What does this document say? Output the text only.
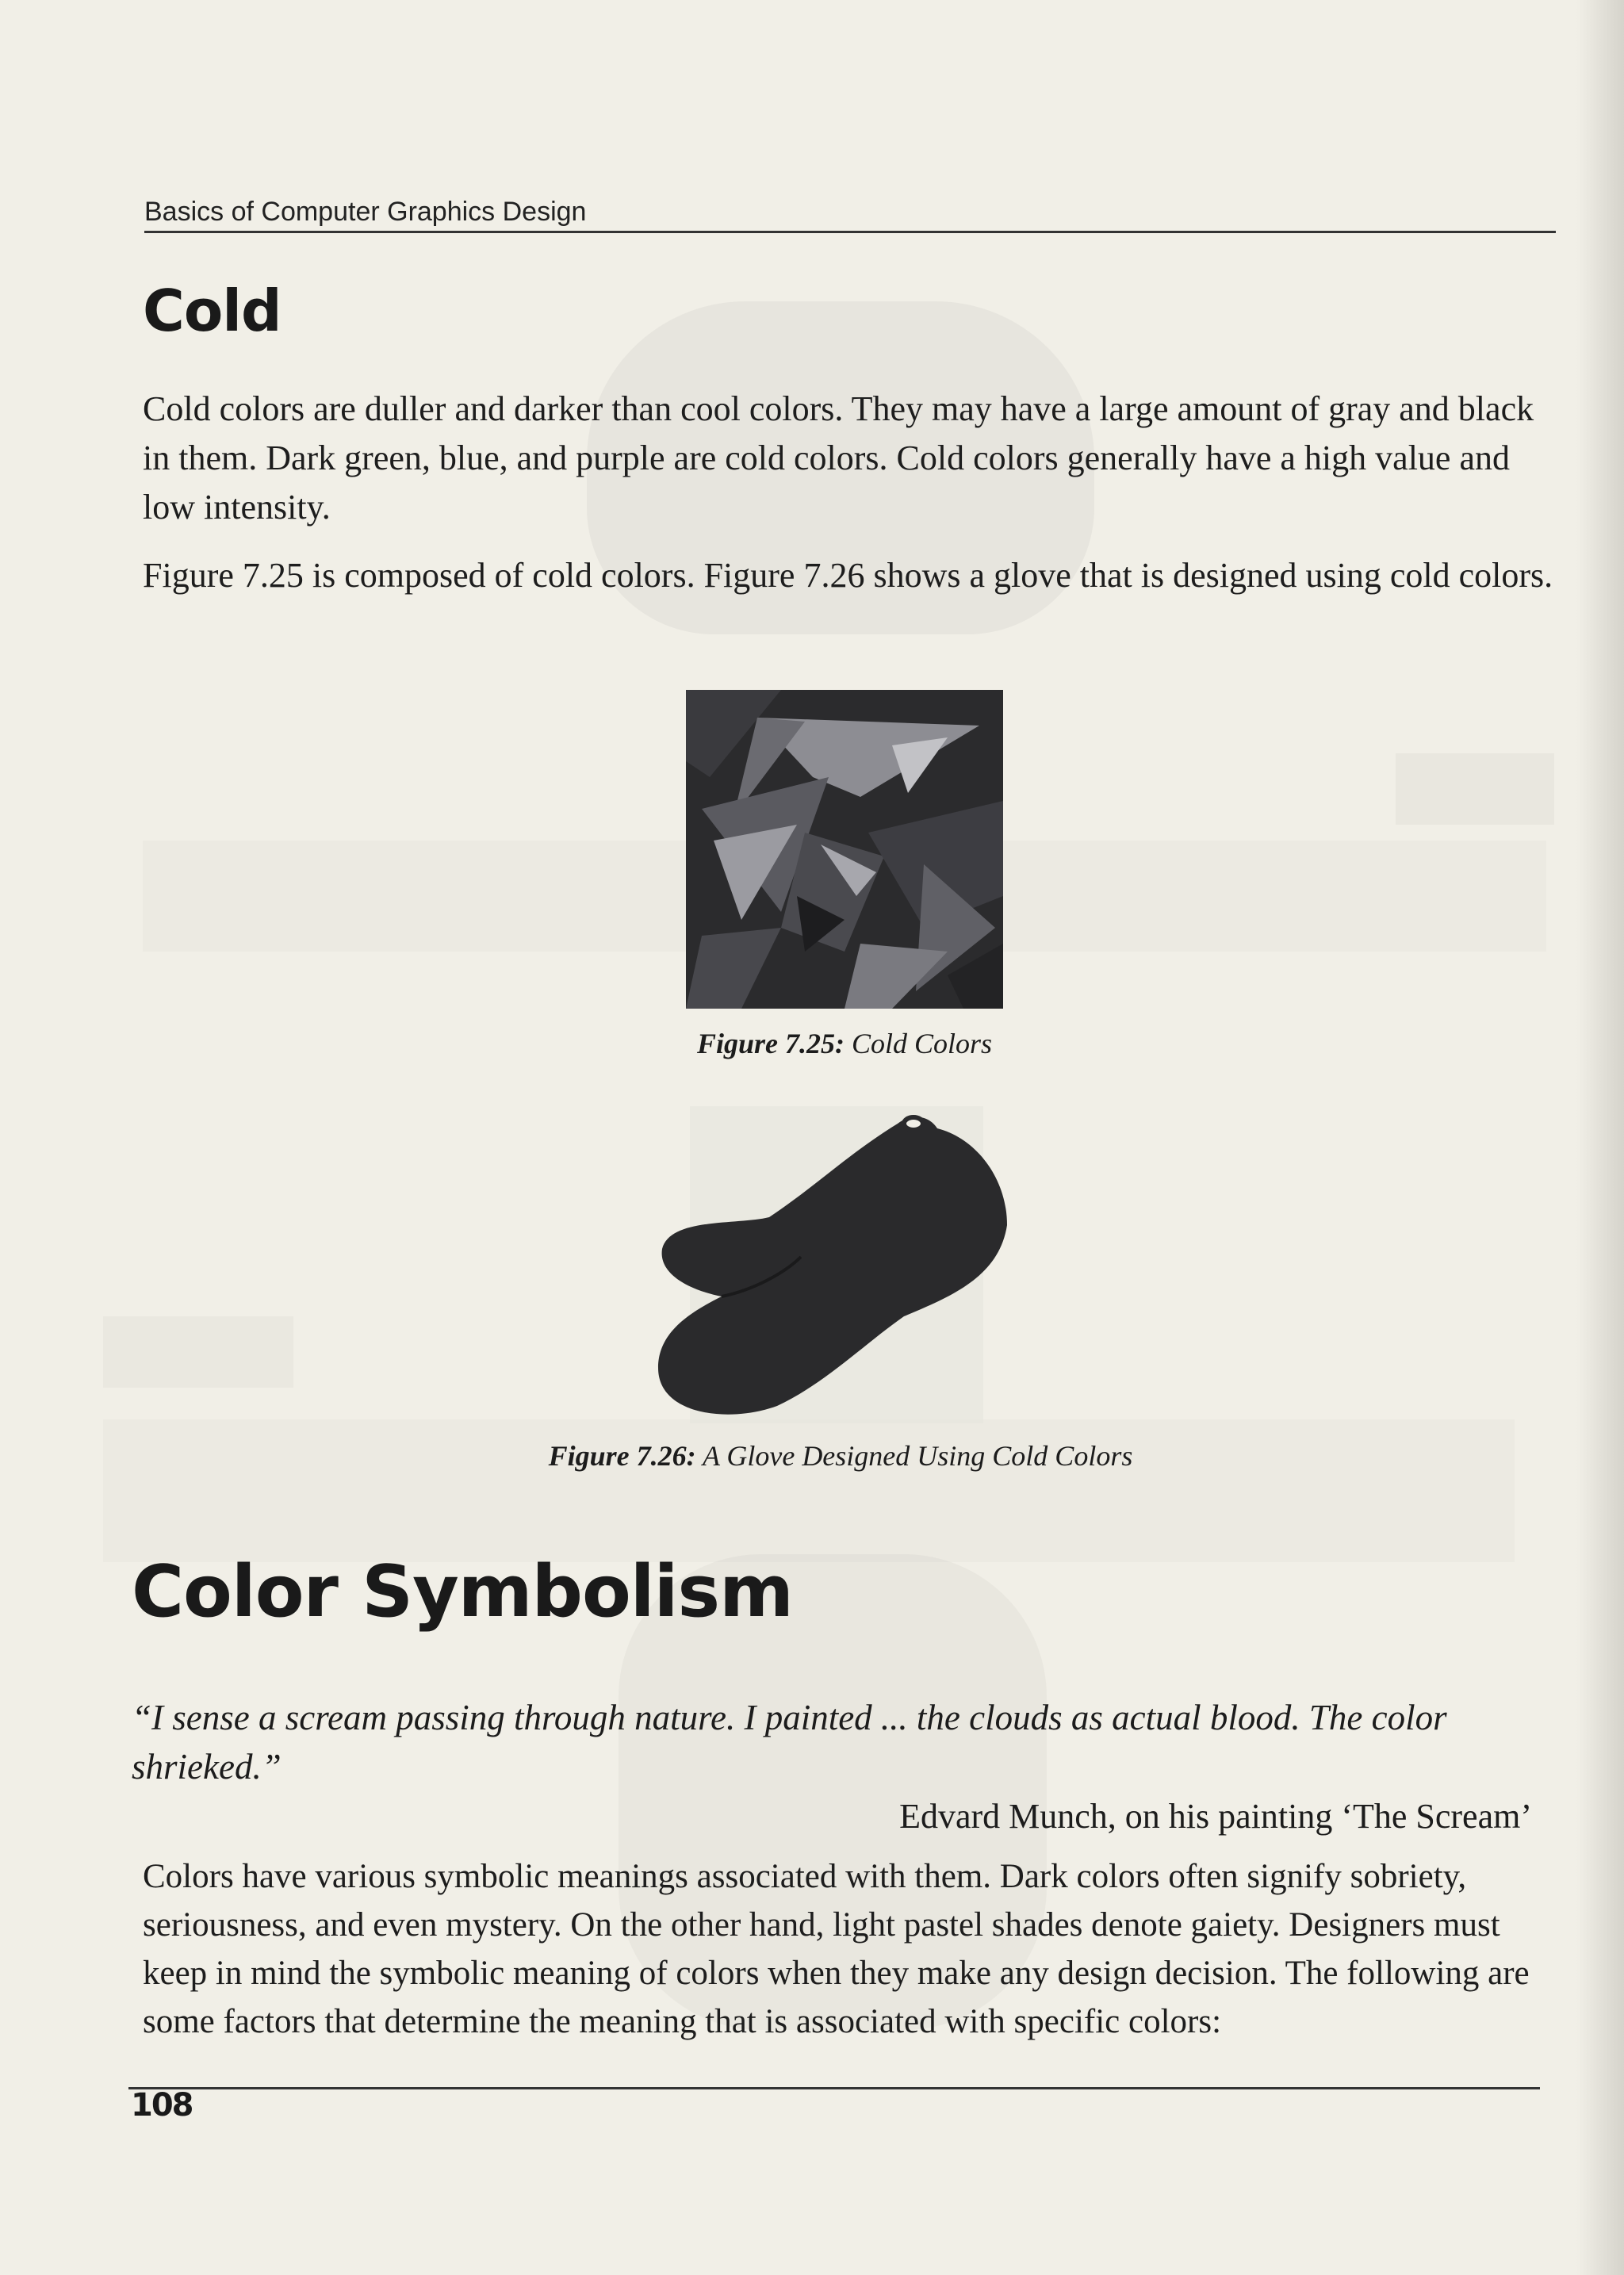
Basics of Computer Graphics Design
Cold

Cold colors are duller and darker than cool colors. They may have a large amount of gray and black in them. Dark green, blue, and purple are cold colors. Cold colors generally have a high value and low intensity.

Figure 7.25 is composed of cold colors. Figure 7.26 shows a glove that is designed using cold colors.

Figure 7.25: Cold Colors

Figure 7.26: A Glove Designed Using Cold Colors

Color Symbolism

“I sense a scream passing through nature. I painted ... the clouds as actual blood. The color shrieked.”

Edvard Munch, on his painting ‘The Scream’

Colors have various symbolic meanings associated with them. Dark colors often signify sobriety, seriousness, and even mystery. On the other hand, light pastel shades denote gaiety. Designers must keep in mind the symbolic meaning of colors when they make any design decision. The following are some factors that determine the meaning that is associated with specific colors:

108
